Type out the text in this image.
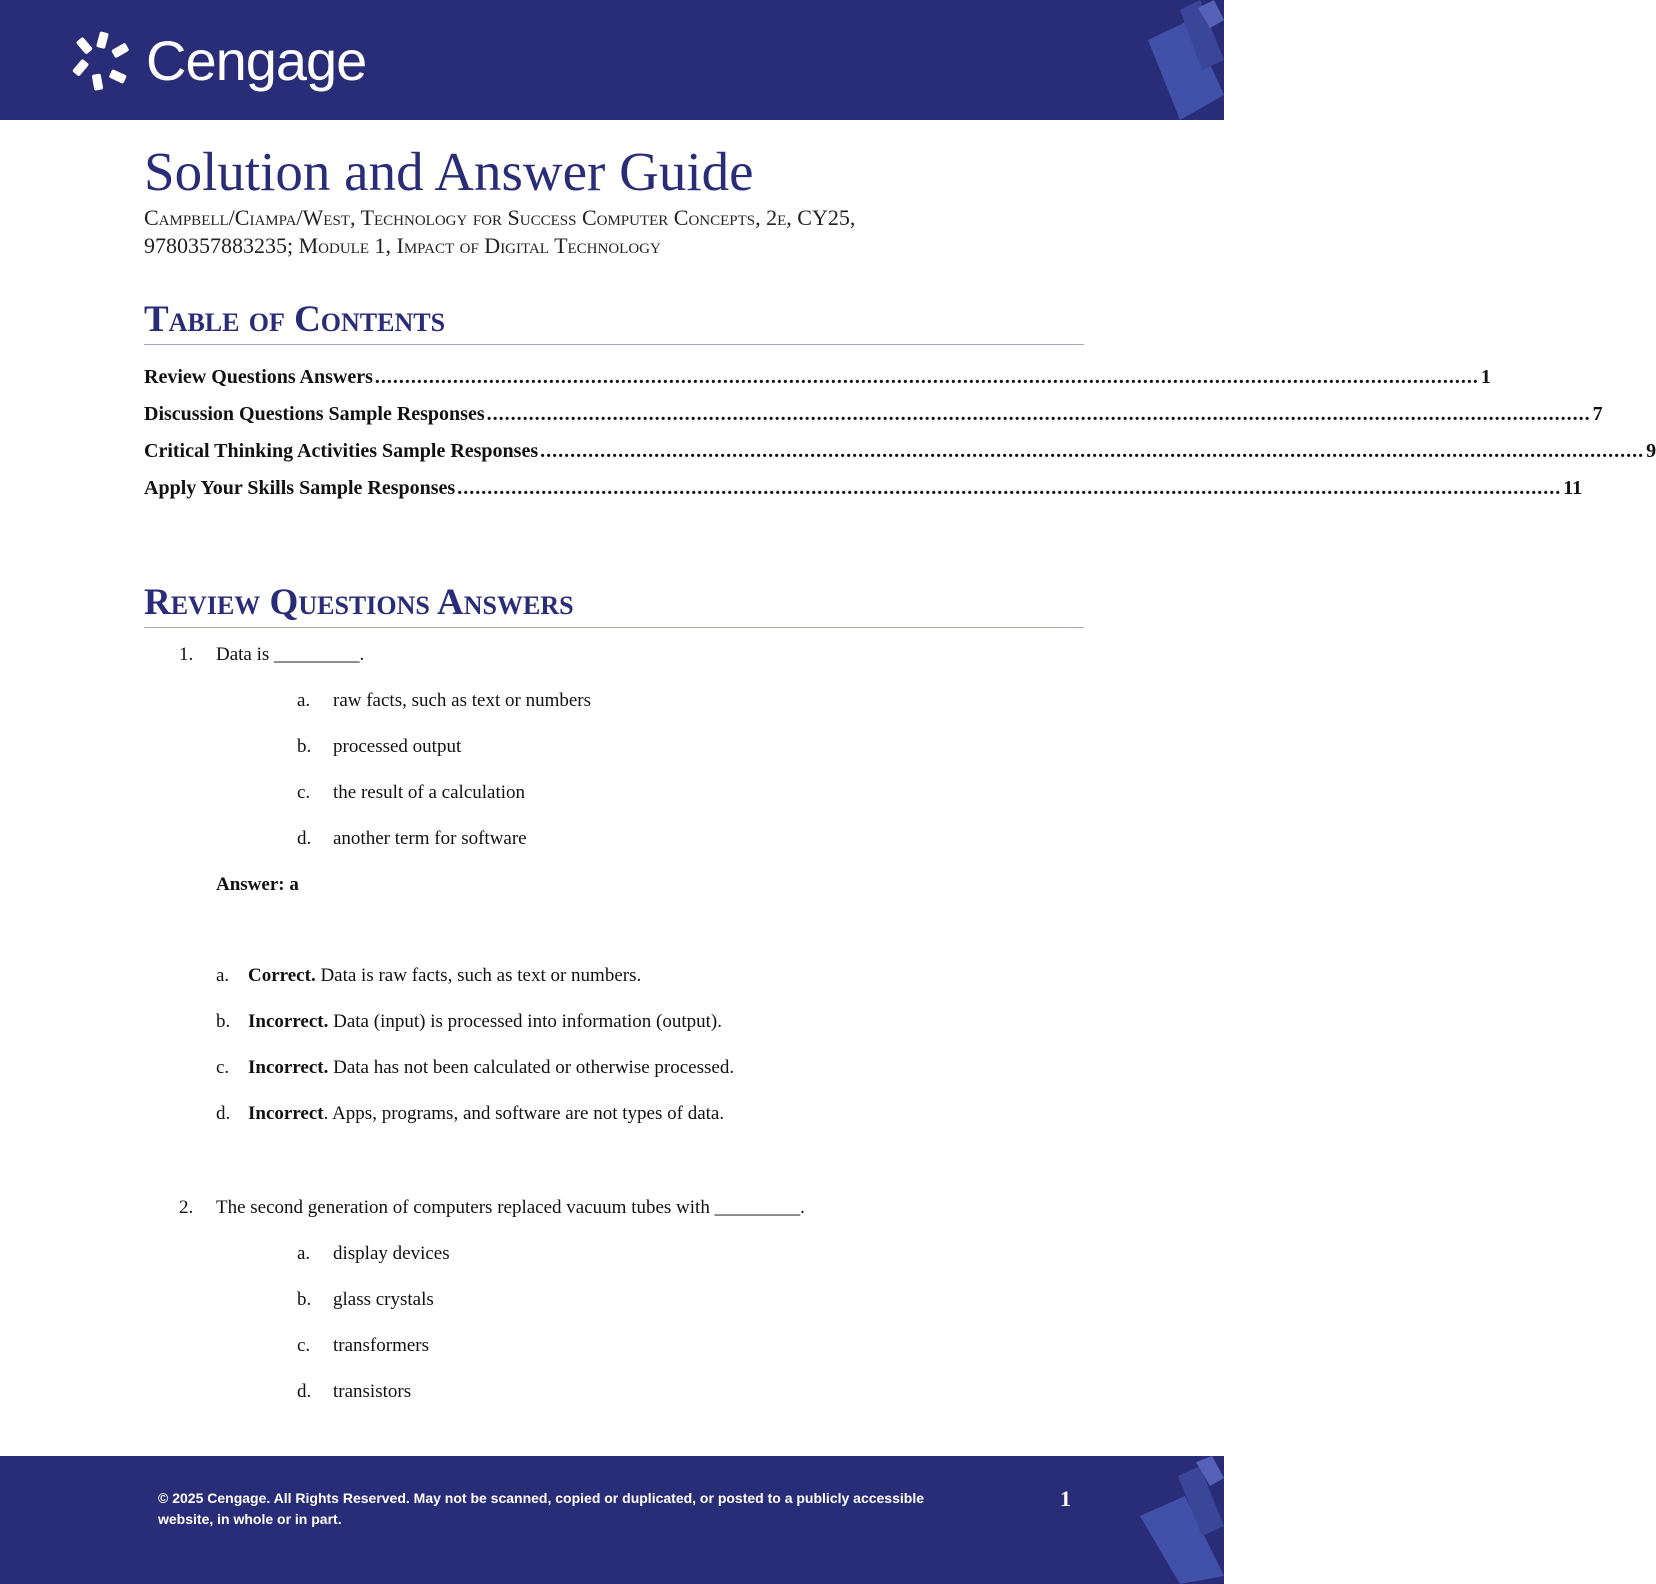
Cengage
Solution and Answer Guide
Campbell/Ciampa/West, Technology for Success Computer Concepts, 2e, CY25,
9780357883235; Module 1, Impact of Digital Technology
Table of Contents
Review Questions Answers ........................................................................................................................................................................................ 1
Discussion Questions Sample Responses ........................................................................................................................................................................................ 7
Critical Thinking Activities Sample Responses ........................................................................................................................................................................................ 9
Apply Your Skills Sample Responses ........................................................................................................................................................................................ 11
Review Questions Answers
1. Data is _________.
a. raw facts, such as text or numbers
b. processed output
c. the result of a calculation
d. another term for software
Answer: a
a. Correct. Data is raw facts, such as text or numbers.
b. Incorrect. Data (input) is processed into information (output).
c. Incorrect. Data has not been calculated or otherwise processed.
d. Incorrect. Apps, programs, and software are not types of data.
2. The second generation of computers replaced vacuum tubes with _________.
a. display devices
b. glass crystals
c. transformers
d. transistors
© 2025 Cengage. All Rights Reserved. May not be scanned, copied or duplicated, or posted to a publicly accessible
website, in whole or in part.
1
